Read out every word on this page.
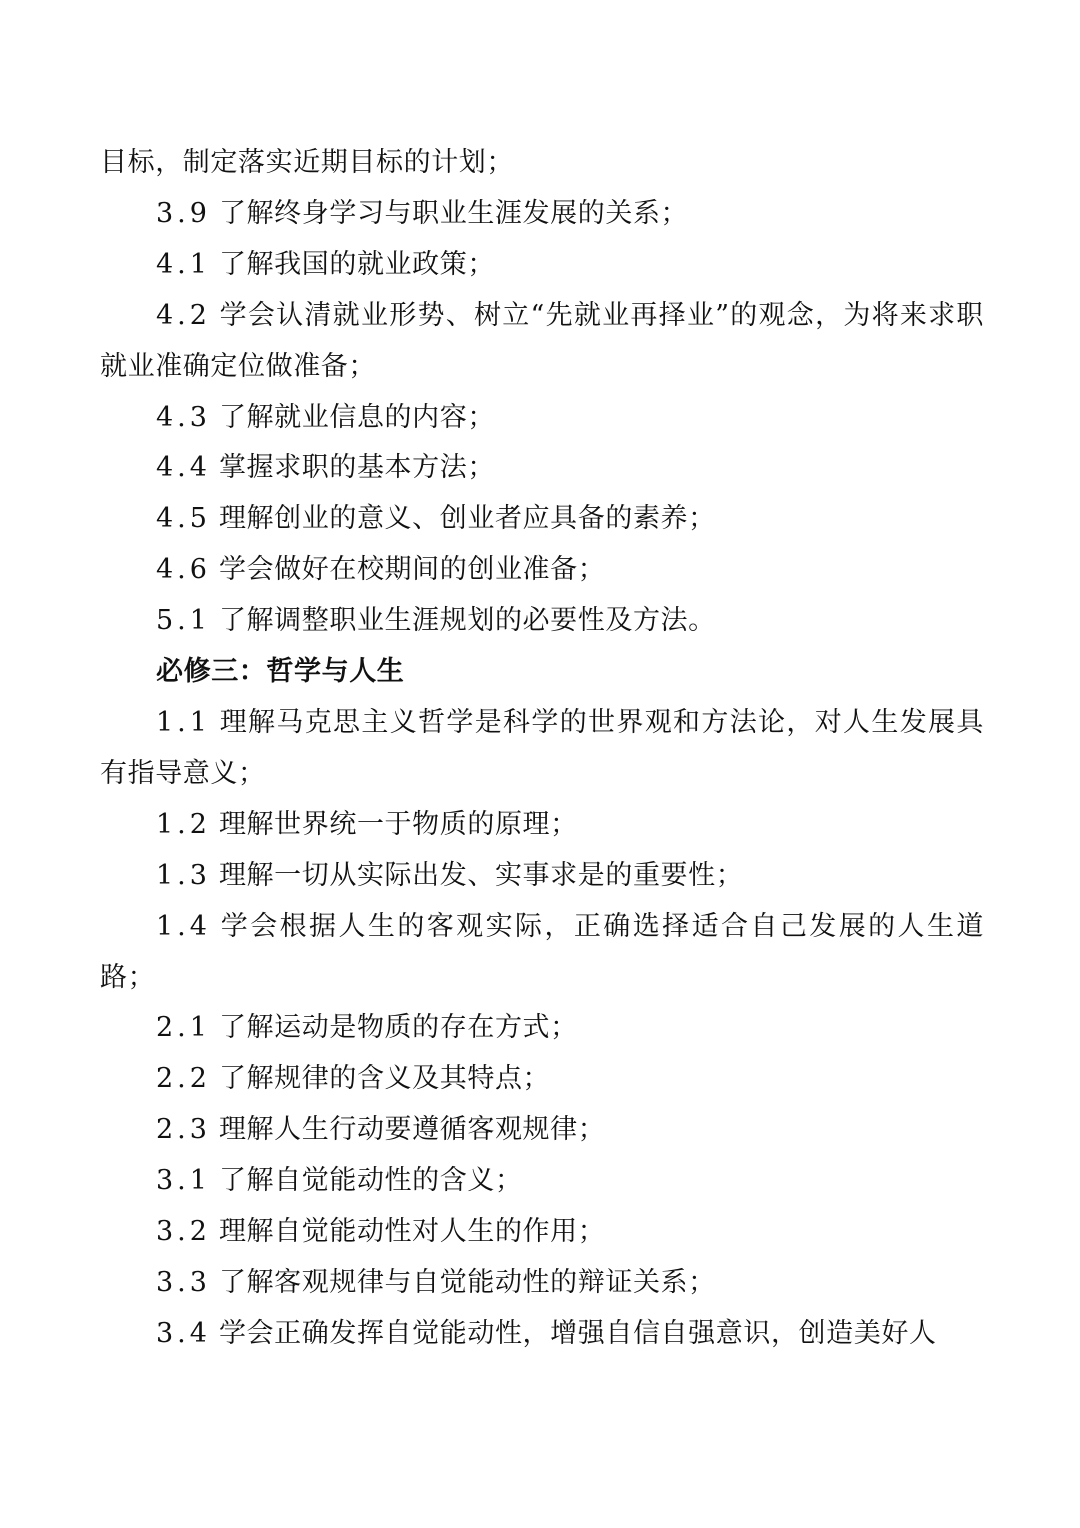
目标，制定落实近期目标的计划；

3.9 了解终身学习与职业生涯发展的关系；

4.1 了解我国的就业政策；

4.2 学会认清就业形势、树立“先就业再择业”的观念，为将来求职就业准确定位做准备；

4.3 了解就业信息的内容；

4.4 掌握求职的基本方法；

4.5 理解创业的意义、创业者应具备的素养；

4.6 学会做好在校期间的创业准备；

5.1 了解调整职业生涯规划的必要性及方法。

必修三：哲学与人生

1.1 理解马克思主义哲学是科学的世界观和方法论，对人生发展具有指导意义；

1.2 理解世界统一于物质的原理；

1.3 理解一切从实际出发、实事求是的重要性；

1.4 学会根据人生的客观实际，正确选择适合自己发展的人生道路；

2.1 了解运动是物质的存在方式；

2.2 了解规律的含义及其特点；

2.3 理解人生行动要遵循客观规律；

3.1 了解自觉能动性的含义；

3.2 理解自觉能动性对人生的作用；

3.3 了解客观规律与自觉能动性的辩证关系；

3.4 学会正确发挥自觉能动性，增强自信自强意识，创造美好人
